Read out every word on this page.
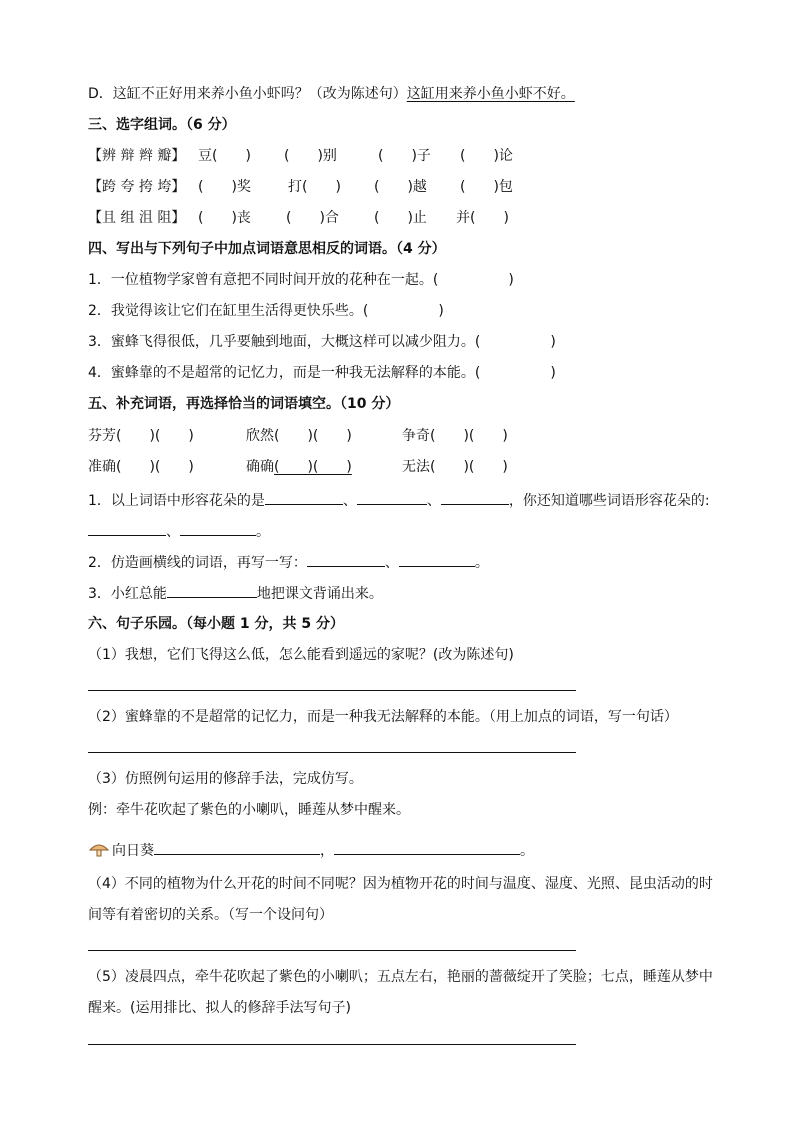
D．这缸不正好用来养小鱼小虾吗？（改为陈述句）这缸用来养小鱼小虾不好。
三、选字组词。（6 分）
【辨 辩 辫 瓣】 豆(　　) (　　)别	(　　)子 (　　)论
【跨 夸 挎 垮】 (　　)奖	打(　　) (　　)越 (　　)包
【且 组 沮 阻】 (　　)丧	(　　)合	(　　)止 并(　　)
四、写出与下列句子中加点词语意思相反的词语。（4 分）
1．一位植物学家曾有意把不同时间开放的花种在一起。(　　　　　)
2．我觉得该让它们在缸里生活得更快乐些。(　　　　　)
3．蜜蜂飞得很低，几乎要触到地面，大概这样可以减少阻力。(　　　　　)
4．蜜蜂靠的不是超常的记忆力，而是一种我无法解释的本能。(　　　　　)
五、补充词语，再选择恰当的词语填空。（10 分）
芬芳(　　)(　　)	欣然(　　)(　　)	争奇(　　)(　　)
准确(　　)(　　)	确确(　　)(　　)	无法(　　)(　　)
1．以上词语中形容花朵的是	、	、	，你还知道哪些词语形容花朵的:
、	。
2．仿造画横线的词语，再写一写：	、	。
3．小红总能	地把课文背诵出来。
六、句子乐园。（每小题 1 分，共 5 分）
（1）我想，它们飞得这么低，怎么能看到遥远的家呢？(改为陈述句)
（2）蜜蜂靠的不是超常的记忆力，而是一种我无法解释的本能。（用上加点的词语，写一句话）
（3）仿照例句运用的修辞手法，完成仿写。
例：牵牛花吹起了紫色的小喇叭，睡莲从梦中醒来。
向日葵	，	。
（4）不同的植物为什么开花的时间不同呢？因为植物开花的时间与温度、湿度、光照、昆虫活动的时
间等有着密切的关系。（写一个设问句）
（5）凌晨四点，牵牛花吹起了紫色的小喇叭；五点左右，艳丽的蔷薇绽开了笑脸；七点，睡莲从梦中
醒来。(运用排比、拟人的修辞手法写句子)
